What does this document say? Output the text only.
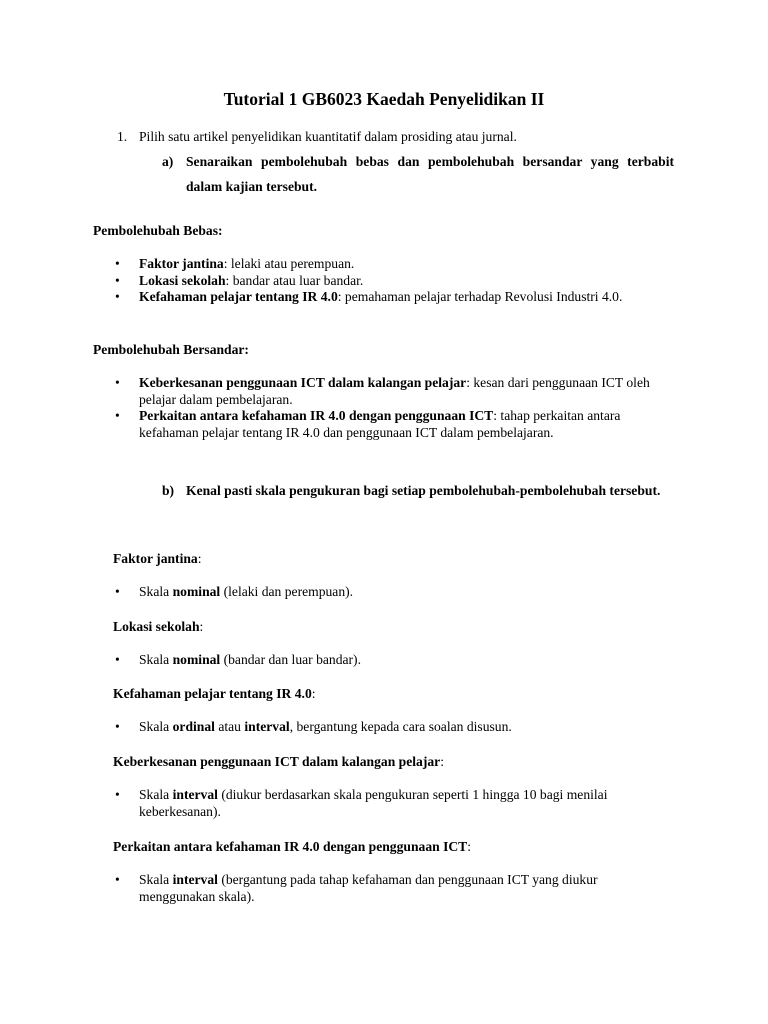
Tutorial 1 GB6023 Kaedah Penyelidikan II
1. Pilih satu artikel penyelidikan kuantitatif dalam prosiding atau jurnal.
a) Senaraikan pembolehubah bebas dan pembolehubah bersandar yang terbabit dalam kajian tersebut.
Pembolehubah Bebas:
• Faktor jantina: lelaki atau perempuan.
• Lokasi sekolah: bandar atau luar bandar.
• Kefahaman pelajar tentang IR 4.0: pemahaman pelajar terhadap Revolusi Industri 4.0.
Pembolehubah Bersandar:
• Keberkesanan penggunaan ICT dalam kalangan pelajar: kesan dari penggunaan ICT oleh pelajar dalam pembelajaran.
• Perkaitan antara kefahaman IR 4.0 dengan penggunaan ICT: tahap perkaitan antara kefahaman pelajar tentang IR 4.0 dan penggunaan ICT dalam pembelajaran.
b) Kenal pasti skala pengukuran bagi setiap pembolehubah-pembolehubah tersebut.
Faktor jantina:
• Skala nominal (lelaki dan perempuan).
Lokasi sekolah:
• Skala nominal (bandar dan luar bandar).
Kefahaman pelajar tentang IR 4.0:
• Skala ordinal atau interval, bergantung kepada cara soalan disusun.
Keberkesanan penggunaan ICT dalam kalangan pelajar:
• Skala interval (diukur berdasarkan skala pengukuran seperti 1 hingga 10 bagi menilai keberkesanan).
Perkaitan antara kefahaman IR 4.0 dengan penggunaan ICT:
• Skala interval (bergantung pada tahap kefahaman dan penggunaan ICT yang diukur menggunakan skala).
